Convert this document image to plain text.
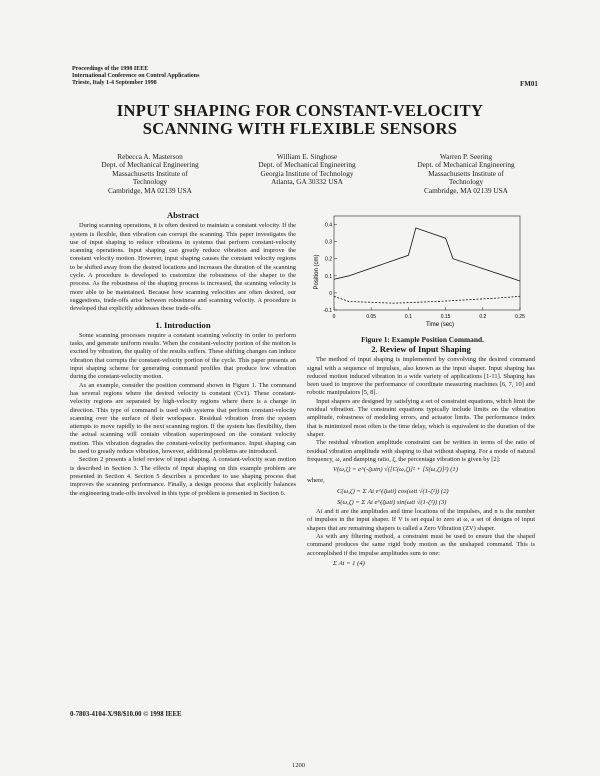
Proceedings of the 1998 IEEE
International Conference on Control Applications
Trieste, Italy 1-4 September 1998	FM01
INPUT SHAPING FOR CONSTANT-VELOCITY
SCANNING WITH FLEXIBLE SENSORS
Rebecca A. Masterson
Dept. of Mechanical Engineering
Massachusetts Institute of
Technology
Cambridge, MA 02139 USA
William E. Singhose
Dept. of Mechanical Engineering
Georgia Institute of Technology
Atlanta, GA 30332 USA
Warren P. Seering
Dept. of Mechanical Engineering
Massachusetts Institute of
Technology
Cambridge, MA 02139 USA
Abstract

During scanning operations, it is often desired to maintain a constant velocity. If the system is flexible, then vibration can corrupt the scanning. This paper investigates the use of input shaping to reduce vibrations in systems that perform constant-velocity scanning operations. Input shaping can greatly reduce vibration and improve the constant velocity motion. However, input shaping causes the constant velocity regions to be shifted away from the desired locations and increases the duration of the scanning cycle. A procedure is developed to customize the robustness of the shaper to the process. As the robustness of the shaping process is increased, the scanning velocity is more able to be maintained. Because how scanning velocities are often desired, our suggestions, trade-offs arise between robustness and scanning velocity. A procedure is developed that explicitly addresses these trade-offs.

1. Introduction

Some scanning processes require a constant scanning velocity in order to perform tasks, and generate uniform results. When the constant-velocity portion of the motion is excited by vibration, the quality of the results suffers. These shifting changes can induce vibration that corrupts the constant-velocity portion of the cycle. This paper presents an input shaping scheme for generating command profiles that produce low vibration during the constant-velocity motion.

As an example, consider the position command shown in Figure 1. The command has several regions where the desired velocity is constant (Cv1). These constant-velocity regions are separated by high-velocity regions where there is a change in direction. This type of command is used with systems that perform constant-velocity scanning over the surface of their workspace. Residual vibration from the system attempts to move rapidly to the next scanning region. If the system has flexibility, then the actual scanning will contain vibration superimposed on the constant velocity motion. This vibration degrades the constant-velocity performance. Input shaping can be used to greatly reduce vibration, however, additional problems are introduced.

Section 2 presents a brief review of input shaping. A constant-velocity scan motion is described in Section 3. The effects of input shaping on this example problem are presented in Section 4. Section 5 describes a procedure to use shaping process that improves the scanning performance. Finally, a design process that explicitly balances the engineering trade-offs involved in this type of problem is presented in Section 6.

Position (cm)
Time (sec)
0.4
0.3
0.2
0.1
0
-0.1
0	0.05	0.1	0.15	0.2	0.25
Figure 1: Example Position Command.
2. Review of Input Shaping

The method of input shaping is implemented by convolving the desired command signal with a sequence of impulses, also known as the input shaper. Input shaping has reduced motion induced vibration in a wide variety of applications [1-11]. Shaping has been used to improve the performance of coordinate measuring machines [6, 7, 10] and robotic manipulators [5, 8].

Input shapers are designed by satisfying a set of constraint equations, which limit the residual vibration. The constraint equations typically include limits on the vibration amplitude, robustness of modeling errors, and actuator limits. The performance index that is minimized most often is the time delay, which is equivalent to the duration of the shaper.

The residual vibration amplitude constraint can be written in terms of the ratio of residual vibration amplitude with shaping to that without shaping. For a mode of natural frequency, ω, and damping ratio, ζ, the percentage vibration is given by [2]:

V(ω,ζ) = e^(-ζωtn) √([C(ω,ζ)]² + [S(ω,ζ)]²) (1)
where,
C(ω,ζ) = Σ Ai e^(ζωti) cos(ωti √(1-ζ²)) (2)
S(ω,ζ) = Σ Ai e^(ζωti) sin(ωti √(1-ζ²)) (3)

Ai and ti are the amplitudes and time locations of the impulses, and n is the number of impulses in the input shaper. If V is set equal to zero at ω, a set of designs of input shapers that are remaining shapers is called a Zero Vibration (ZV) shaper.

As with any filtering method, a constraint must be used to ensure that the shaped command produces the same rigid body motion as the unshaped command. This is accomplished if the impulse amplitudes sum to one:

Σ Ai = 1 (4)
0-7803-4104-X/98/$10.00 © 1998 IEEE
1200
